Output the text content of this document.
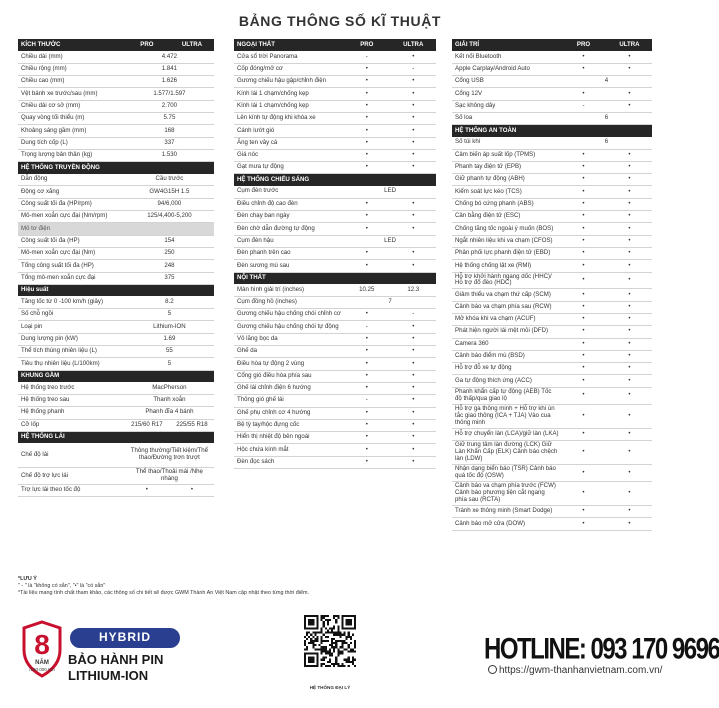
BẢNG THÔNG SỐ KĨ THUẬT
KÍCH THƯỚC	PRO	ULTRA
Chiều dài (mm)	4.472	
Chiều rộng (mm)	1.841	
Chiều cao (mm)	1.626	
Vệt bánh xe trước/sau (mm)	1.577/1.597	
Chiều dài cơ sở (mm)	2.700	
Quay vòng tối thiểu (m)	5.75	
Khoảng sáng gầm (mm)	168	
Dung tích cốp (L)	337	
Trọng lượng bản thân (kg)	1.530	
HỆ THỐNG TRUYỀN ĐỘNG		
Dẫn động	Cầu trước	
Động cơ xăng	GW4G15H 1.5	
Công suất tối đa (HP/rpm)	94/6,000	
Mô-men xoắn cực đại (Nm/rpm)	125/4,400-5,200	
Mô tơ điện		
Công suất tối đa (HP)	154	
Mô-men xoắn cực đại (Nm)	250	
Tổng công suất tối đa (HP)	248	
Tổng mô-men xoắn cực đại	375	
Hiệu suất		
Tăng tốc từ 0 -100 km/h (giây)	8.2	
Số chỗ ngồi	5	
Loại pin	Lithium-ION	
Dung lượng pin (kW)	1.69	
Thể tích thùng nhiên liệu (L)	55	
Tiêu thụ nhiên liệu (L/100km)	5	
KHUNG GẦM		
Hệ thống treo trước	MacPherson	
Hệ thống treo sau	Thanh xoắn	
Hệ thống phanh	Phanh đĩa 4 bánh	
Cỡ lốp	215/60 R17	225/55 R18
HỆ THỐNG LÁI		
Chế độ lái	Thông thường/Tiết kiệm/Thể thao/Đường trơn trượt	
Chế độ trợ lực lái	Thể thao/Thoải mái /Nhẹ nhàng	
Trợ lực lái theo tốc độ	•	•
NGOẠI THẤT	PRO	ULTRA
Cửa sổ trời Panorama	-	•
Cốp đóng/mở cơ	•	-
Gương chiếu hậu gập/chỉnh điện	•	•
Kính lái 1 chạm/chống kẹp	•	•
Kính lái 1 chạm/chống kẹp	•	•
Lên kính tự động khi khóa xe	•	•
Cánh lướt gió	•	•
Ăng ten vây cá	•	•
Giá nóc	•	•
Gạt mưa tự động	•	•
HỆ THỐNG CHIẾU SÁNG		
Cụm đèn trước	LED	
Điều chỉnh độ cao đèn	•	•
Đèn chạy ban ngày	•	•
Đèn chờ dẫn đường tự động	•	•
Cụm đèn hậu	LED	
Đèn phanh trên cao	•	•
Đèn sương mù sau	•	•
NỘI THẤT		
Màn hình giải trí (inches)	10.25	12.3
Cụm đồng hồ (inches)	7	
Gương chiếu hậu chống chói chỉnh cơ	•	-
Gương chiếu hậu chống chói tự động	-	•
Vô lăng bọc da	•	•
Ghế da	•	•
Điều hòa tự động 2 vùng	•	•
Cổng gió điều hòa phía sau	•	•
Ghế lái chỉnh điện 6 hướng	•	•
Thông gió ghế lái	-	•
Ghế phụ chỉnh cơ 4 hướng	•	•
Bệ tỳ tay/hộc đựng cốc	•	•
Hiển thị nhiệt độ bên ngoài	•	•
Hộc chứa kính mắt	•	•
Đèn đọc sách	•	•
GIẢI TRÍ	PRO	ULTRA
Kết nối Bluetooth	•	•
Apple Carplay/Android Auto	•	•
Cổng USB	4	
Cổng 12V	•	•
Sạc không dây	-	•
Số loa	6	
HỆ THỐNG AN TOÀN		
Số túi khí	6	
Cảm biến áp suất lốp (TPMS)	•	•
Phanh tay điện tử (EPB)	•	•
Giữ phanh tự động (ABH)	•	•
Kiểm soát lực kéo (TCS)	•	•
Chống bó cứng phanh (ABS)	•	•
Cân bằng điện tử (ESC)	•	•
Chống tăng tốc ngoài ý muốn (BOS)	•	•
Ngắt nhiên liệu khi va chạm (CFOS)	•	•
Phân phối lực phanh điện tử (EBD)	•	•
Hệ thống chống lật xe (RMI)	•	•
Hỗ trợ khởi hành ngang dốc (HHC)/ Hỗ trợ đổ đèo (HDC)	•	•
Giảm thiểu va chạm thứ cấp (SCM)	•	•
Cảnh báo va chạm phía sau (RCW)	•	•
Mở khóa khi va chạm (ACUF)	•	•
Phát hiện người lái mệt mỏi (DFD)	•	•
Camera 360	•	•
Cảnh báo điểm mù (BSD)	•	•
Hỗ trợ đỗ xe tự động	•	•
Ga tự động thích ứng (ACC)	•	•
Phanh khẩn cấp tự động (AEB) Tốc độ thấp/qua giao lộ	•	•
Hỗ trợ ga thông minh + Hỗ trợ khi ùn tắc giao thông (ICA + TJA) Vào cua thông minh	•	•
Hỗ trợ chuyển làn (LCA)/giữ làn (LKA)	•	•
Giữ trung tâm làn đường (LCK) Giữ Làn Khẩn Cấp (ELK) Cảnh báo chệch làn (LDW)	•	•
Nhận dạng biển báo (TSR) Cảnh báo quá tốc độ (OSW)	•	•
Cảnh báo va chạm phía trước (FCW) Cảnh báo phương tiện cắt ngang phía sau (RCTA)	•	•
Tránh xe thông minh (Smart Dodge)	•	•
Cảnh báo mở cửa (DOW)	•	•
*LƯU Ý
" - " là "không có sẵn", "•" là "có sẵn"
*Tài liệu mang tính chất tham khảo, các thông số chi tiết sẽ được GWM Thành An Việt Nam cập nhật theo từng thời điểm.
8
NĂM
/150.000 Km
HYBRID
BẢO HÀNH PIN
LITHIUM-ION
HỆ THỐNG ĐẠI LÝ
HOTLINE: 093 170 9696
https://gwm-thanhanvietnam.com.vn/
